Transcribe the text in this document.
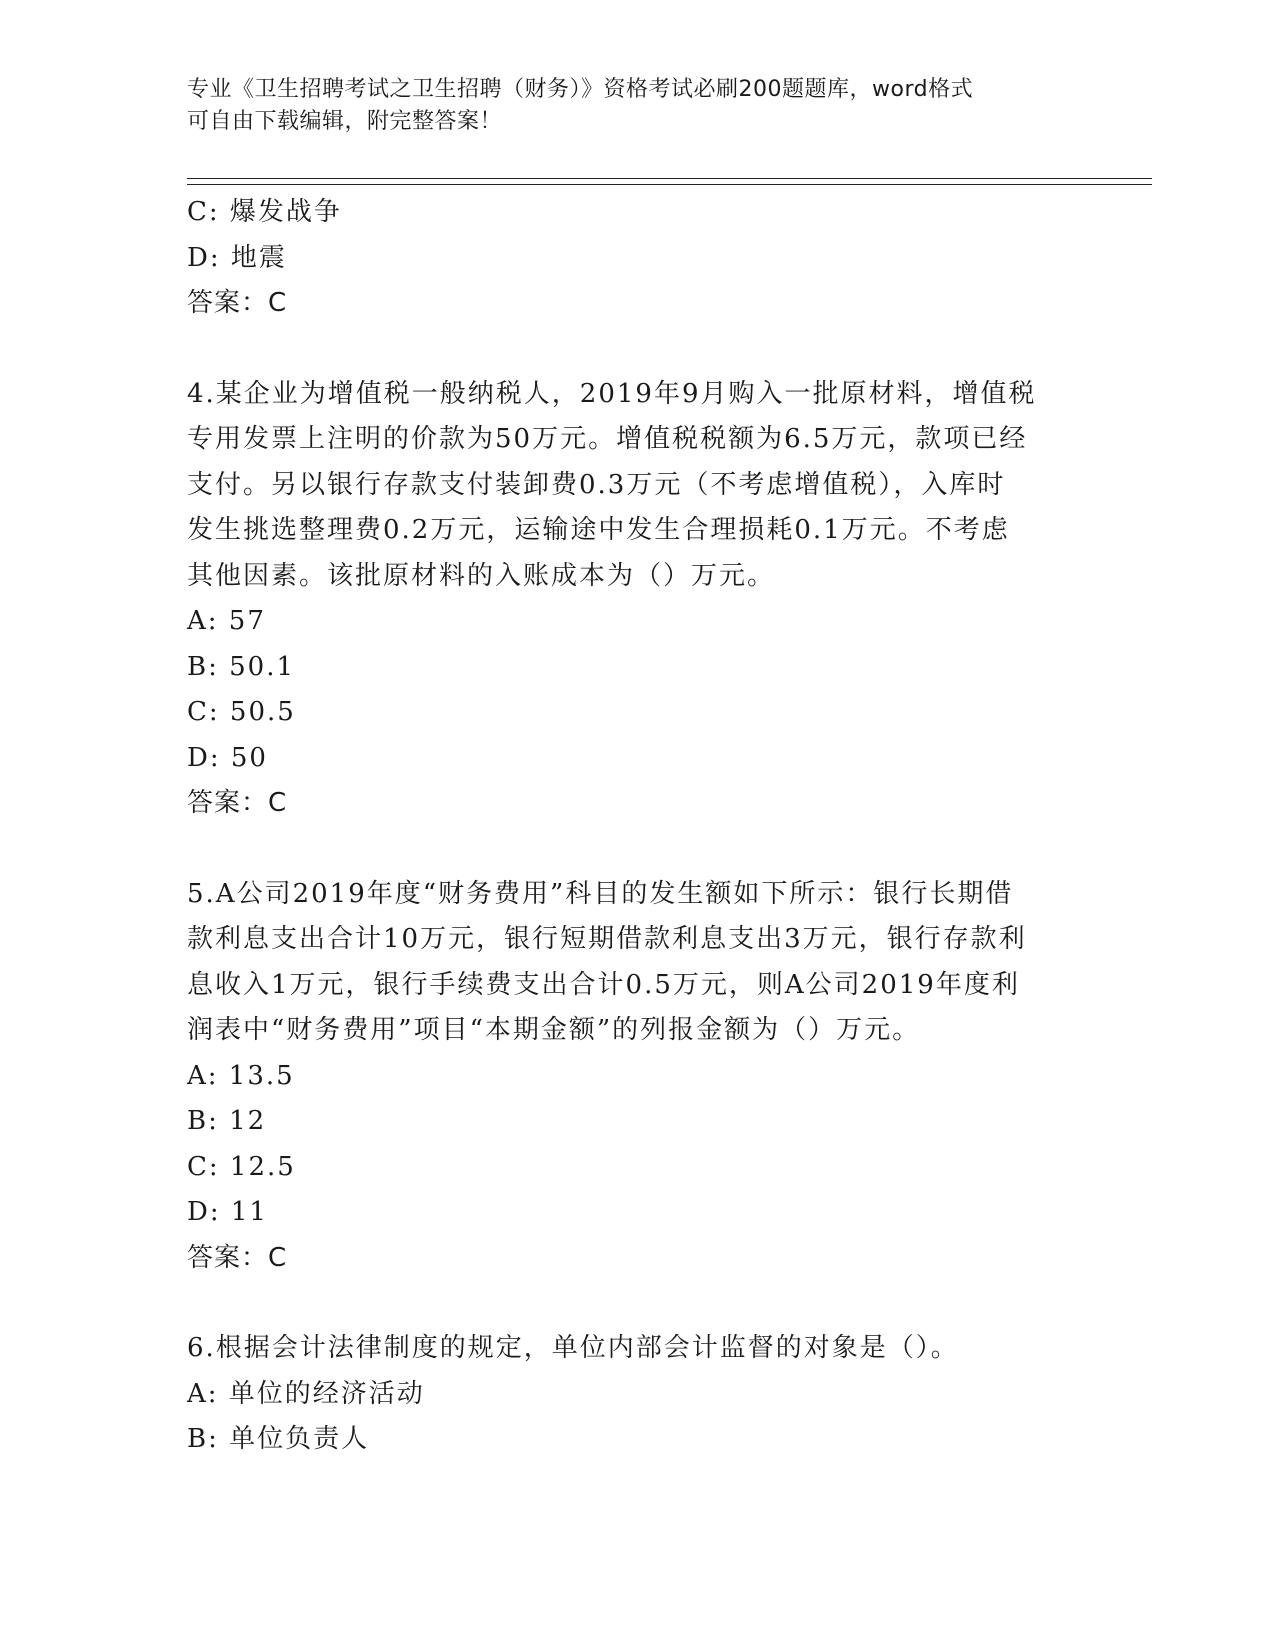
专业《卫生招聘考试之卫生招聘（财务）》资格考试必刷200题题库，word格式
可自由下载编辑，附完整答案！
C: 爆发战争
D: 地震
答案：C
4.某企业为增值税一般纳税人，2019年9月购入一批原材料，增值税
专用发票上注明的价款为50万元。增值税税额为6.5万元，款项已经
支付。另以银行存款支付装卸费0.3万元（不考虑增值税），入库时
发生挑选整理费0.2万元，运输途中发生合理损耗0.1万元。不考虑
其他因素。该批原材料的入账成本为（）万元。
A: 57
B: 50.1
C: 50.5
D: 50
答案：C
5.A公司2019年度“财务费用”科目的发生额如下所示：银行长期借
款利息支出合计10万元，银行短期借款利息支出3万元，银行存款利
息收入1万元，银行手续费支出合计0.5万元，则A公司2019年度利
润表中“财务费用”项目“本期金额”的列报金额为（）万元。
A: 13.5
B: 12
C: 12.5
D: 11
答案：C
6.根据会计法律制度的规定，单位内部会计监督的对象是（）。
A: 单位的经济活动
B: 单位负责人
